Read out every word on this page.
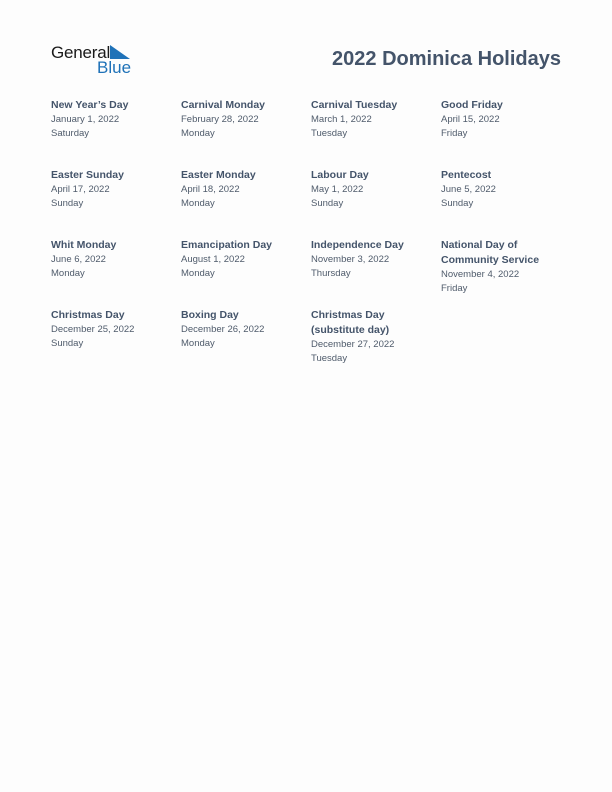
General
Blue	2022 Dominica Holidays
New Year’s Day
January 1, 2022
Saturday
Carnival Monday
February 28, 2022
Monday
Carnival Tuesday
March 1, 2022
Tuesday
Good Friday
April 15, 2022
Friday
Easter Sunday
April 17, 2022
Sunday
Easter Monday
April 18, 2022
Monday
Labour Day
May 1, 2022
Sunday
Pentecost
June 5, 2022
Sunday
Whit Monday
June 6, 2022
Monday
Emancipation Day
August 1, 2022
Monday
Independence Day
November 3, 2022
Thursday
National Day of Community Service
November 4, 2022
Friday
Christmas Day
December 25, 2022
Sunday
Boxing Day
December 26, 2022
Monday
Christmas Day (substitute day)
December 27, 2022
Tuesday
